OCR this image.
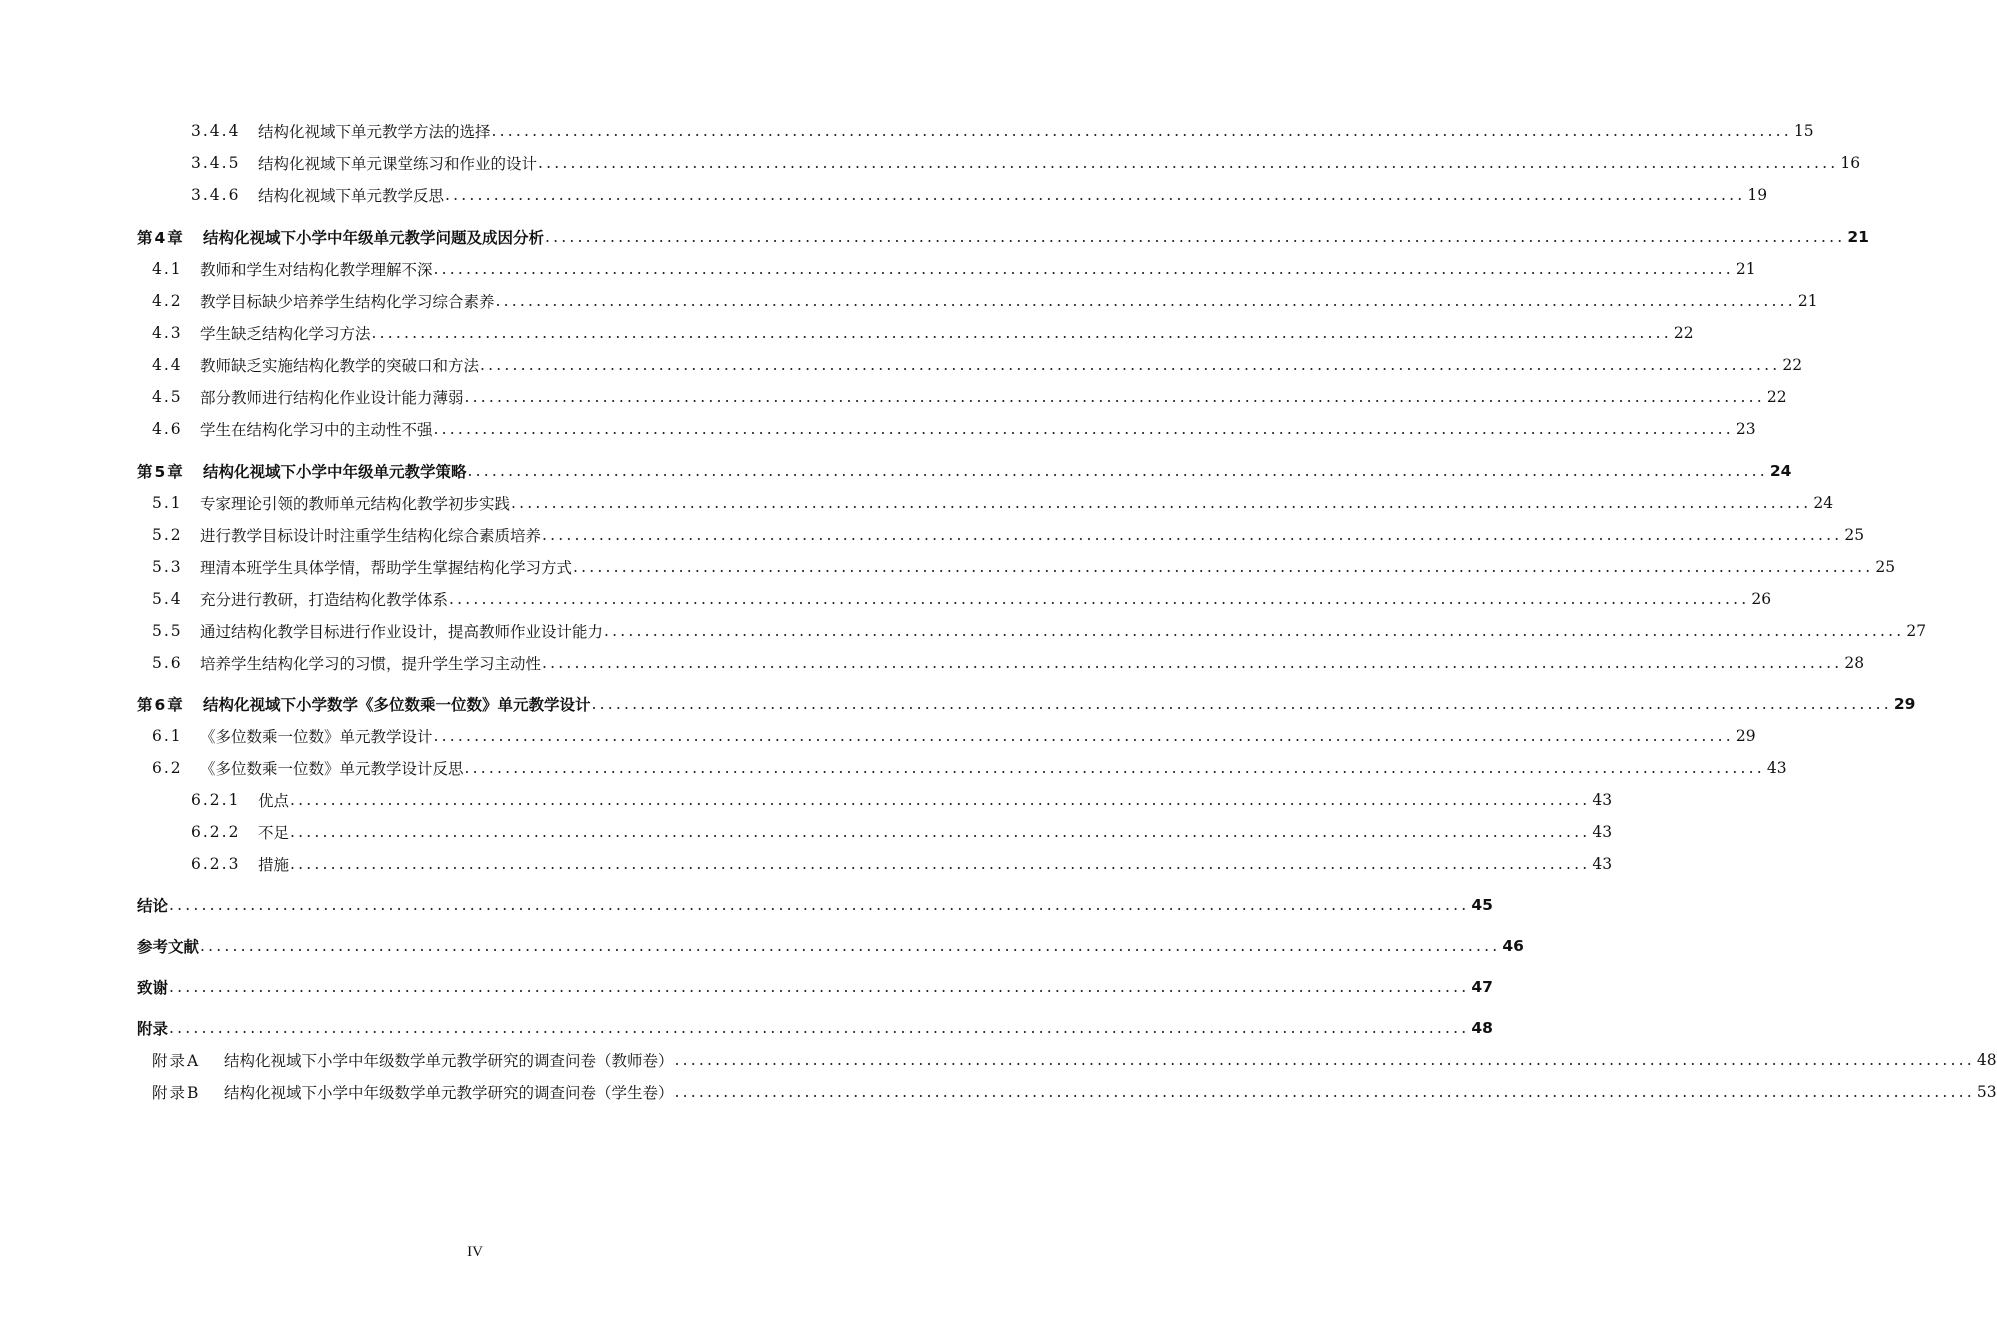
3.4.4	结构化视域下单元教学方法的选择 ................................................................................................................................................................ 15
3.4.5	结构化视域下单元课堂练习和作业的设计 ................................................................................................................................................................ 16
3.4.6	结构化视域下单元教学反思 ................................................................................................................................................................ 19
第4章	结构化视域下小学中年级单元教学问题及成因分析 ................................................................................................................................................................ 21
4.1	教师和学生对结构化教学理解不深 ................................................................................................................................................................ 21
4.2	教学目标缺少培养学生结构化学习综合素养 ................................................................................................................................................................ 21
4.3	学生缺乏结构化学习方法 ................................................................................................................................................................ 22
4.4	教师缺乏实施结构化教学的突破口和方法 ................................................................................................................................................................ 22
4.5	部分教师进行结构化作业设计能力薄弱 ................................................................................................................................................................ 22
4.6	学生在结构化学习中的主动性不强 ................................................................................................................................................................ 23
第5章	结构化视域下小学中年级单元教学策略 ................................................................................................................................................................ 24
5.1	专家理论引领的教师单元结构化教学初步实践 ................................................................................................................................................................ 24
5.2	进行教学目标设计时注重学生结构化综合素质培养 ................................................................................................................................................................ 25
5.3	理清本班学生具体学情，帮助学生掌握结构化学习方式 ................................................................................................................................................................ 25
5.4	充分进行教研，打造结构化教学体系 ................................................................................................................................................................ 26
5.5	通过结构化教学目标进行作业设计，提高教师作业设计能力 ................................................................................................................................................................ 27
5.6	培养学生结构化学习的习惯，提升学生学习主动性 ................................................................................................................................................................ 28
第6章	结构化视域下小学数学《多位数乘一位数》单元教学设计 ................................................................................................................................................................ 29
6.1	《多位数乘一位数》单元教学设计 ................................................................................................................................................................ 29
6.2	《多位数乘一位数》单元教学设计反思 ................................................................................................................................................................ 43
6.2.1	优点 ................................................................................................................................................................ 43
6.2.2	不足 ................................................................................................................................................................ 43
6.2.3	措施 ................................................................................................................................................................ 43
结论 ................................................................................................................................................................ 45
参考文献 ................................................................................................................................................................ 46
致谢 ................................................................................................................................................................ 47
附录 ................................................................................................................................................................ 48
附录A	结构化视域下小学中年级数学单元教学研究的调查问卷（教师卷） ................................................................................................................................................................ 48
附录B	结构化视域下小学中年级数学单元教学研究的调查问卷（学生卷） ................................................................................................................................................................ 53
IV
